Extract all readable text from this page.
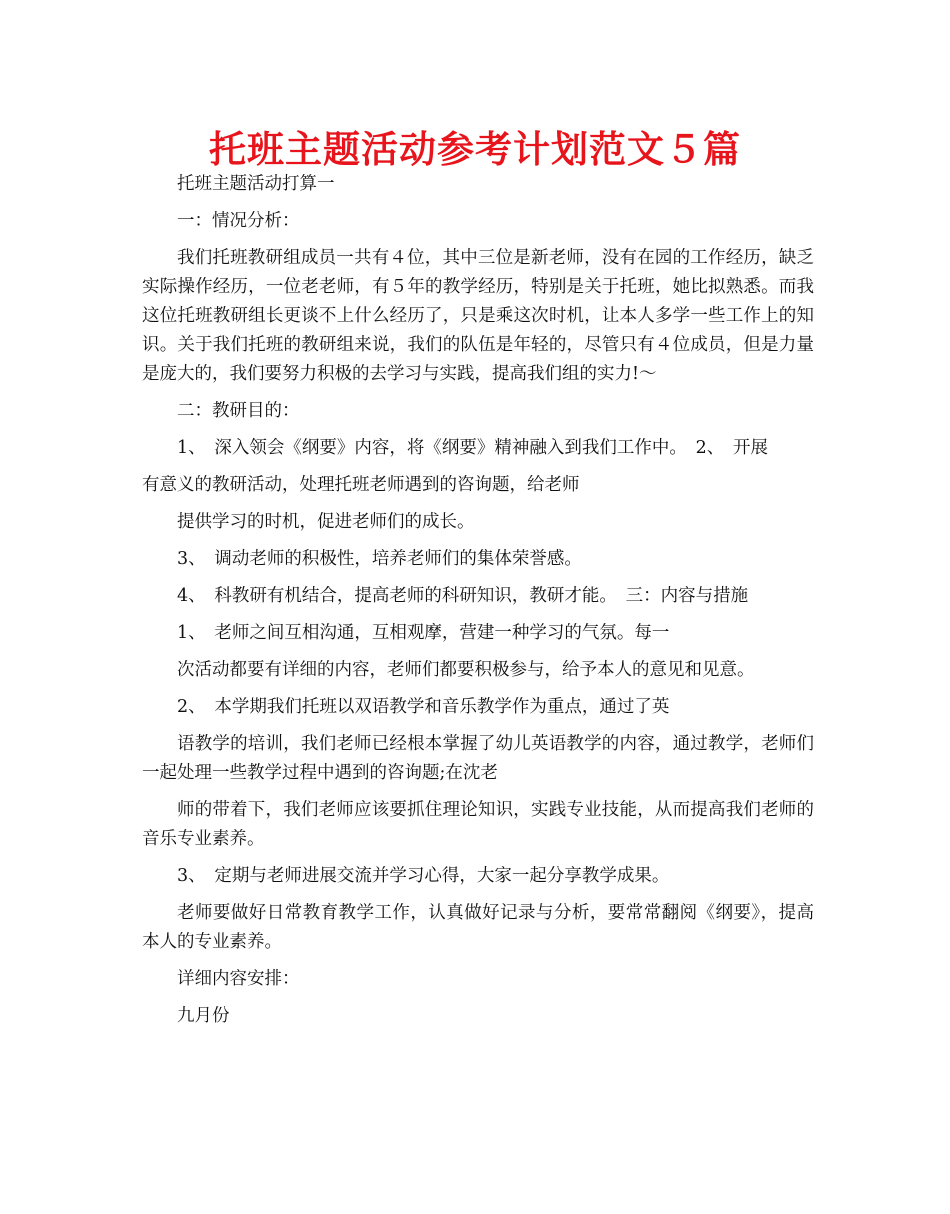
托班主题活动参考计划范文５篇
托班主题活动打算一
一：情况分析：
我们托班教研组成员一共有４位，其中三位是新老师，没有在园的工作经历，缺乏实际操作经历，一位老老师，有５年的教学经历，特别是关于托班，她比拟熟悉。而我这位托班教研组长更谈不上什么经历了，只是乘这次时机，让本人多学一些工作上的知识。关于我们托班的教研组来说，我们的队伍是年轻的，尽管只有４位成员，但是力量是庞大的，我们要努力积极的去学习与实践，提高我们组的实力!～
二：教研目的：
1、　深入领会《纲要》内容，将《纲要》精神融入到我们工作中。　2、　开展
有意义的教研活动，处理托班老师遇到的咨询题，给老师
提供学习的时机，促进老师们的成长。
3、　调动老师的积极性，培养老师们的集体荣誉感。
4、　科教研有机结合，提高老师的科研知识，教研才能。　三：内容与措施
1、　老师之间互相沟通，互相观摩，营建一种学习的气氛。每一
次活动都要有详细的内容，老师们都要积极参与，给予本人的意见和见意。
2、　本学期我们托班以双语教学和音乐教学作为重点，通过了英
语教学的培训，我们老师已经根本掌握了幼儿英语教学的内容，通过教学，老师们一起处理一些教学过程中遇到的咨询题;在沈老
师的带着下，我们老师应该要抓住理论知识，实践专业技能，从而提高我们老师的音乐专业素养。
3、　定期与老师进展交流并学习心得，大家一起分享教学成果。
老师要做好日常教育教学工作，认真做好记录与分析，要常常翻阅《纲要》，提高本人的专业素养。
详细内容安排：
九月份
